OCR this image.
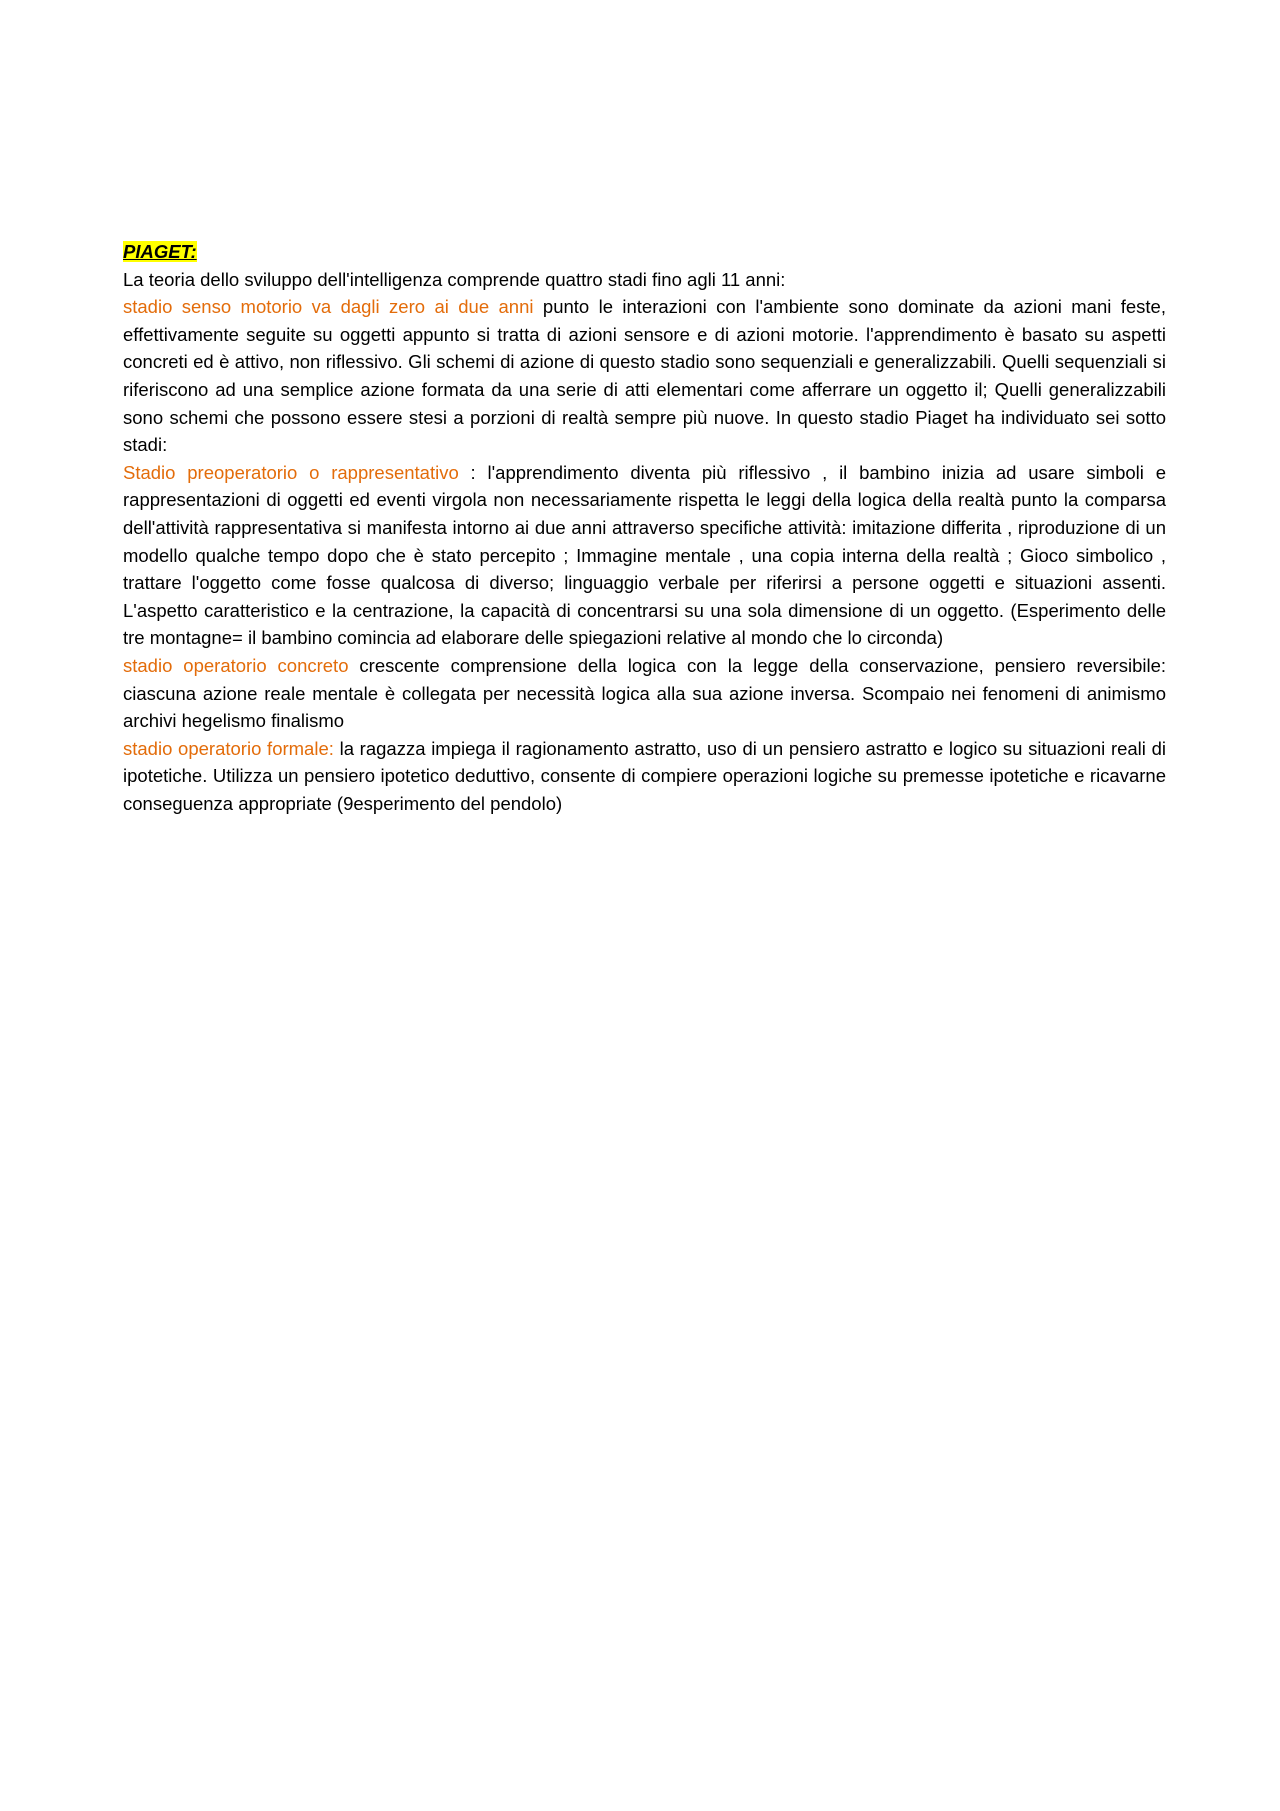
PIAGET:

La teoria dello sviluppo dell'intelligenza comprende quattro stadi fino agli 11 anni:

stadio senso motorio va dagli zero ai due anni punto le interazioni con l'ambiente sono dominate da azioni mani feste, effettivamente seguite su oggetti appunto si tratta di azioni sensore e di azioni motorie. l'apprendimento è basato su aspetti concreti ed è attivo, non riflessivo. Gli schemi di azione di questo stadio sono sequenziali e generalizzabili. Quelli sequenziali si riferiscono ad una semplice azione formata da una serie di atti elementari come afferrare un oggetto il; Quelli generalizzabili sono schemi che possono essere stesi a porzioni di realtà sempre più nuove. In questo stadio Piaget ha individuato sei sotto stadi:

Stadio preoperatorio o rappresentativo : l'apprendimento diventa più riflessivo , il bambino inizia ad usare simboli e rappresentazioni di oggetti ed eventi virgola non necessariamente rispetta le leggi della logica della realtà punto la comparsa dell'attività rappresentativa si manifesta intorno ai due anni attraverso specifiche attività: imitazione differita , riproduzione di un modello qualche tempo dopo che è stato percepito ; Immagine mentale , una copia interna della realtà ; Gioco simbolico , trattare l'oggetto come fosse qualcosa di diverso; linguaggio verbale per riferirsi a persone oggetti e situazioni assenti. L'aspetto caratteristico e la centrazione, la capacità di concentrarsi su una sola dimensione di un oggetto. (Esperimento delle tre montagne= il bambino comincia ad elaborare delle spiegazioni relative al mondo che lo circonda)

stadio operatorio concreto crescente comprensione della logica con la legge della conservazione, pensiero reversibile: ciascuna azione reale mentale è collegata per necessità logica alla sua azione inversa. Scompaio nei fenomeni di animismo archivi hegelismo finalismo

stadio operatorio formale: la ragazza impiega il ragionamento astratto, uso di un pensiero astratto e logico su situazioni reali di ipotetiche. Utilizza un pensiero ipotetico deduttivo, consente di compiere operazioni logiche su premesse ipotetiche e ricavarne conseguenza appropriate (9esperimento del pendolo)
